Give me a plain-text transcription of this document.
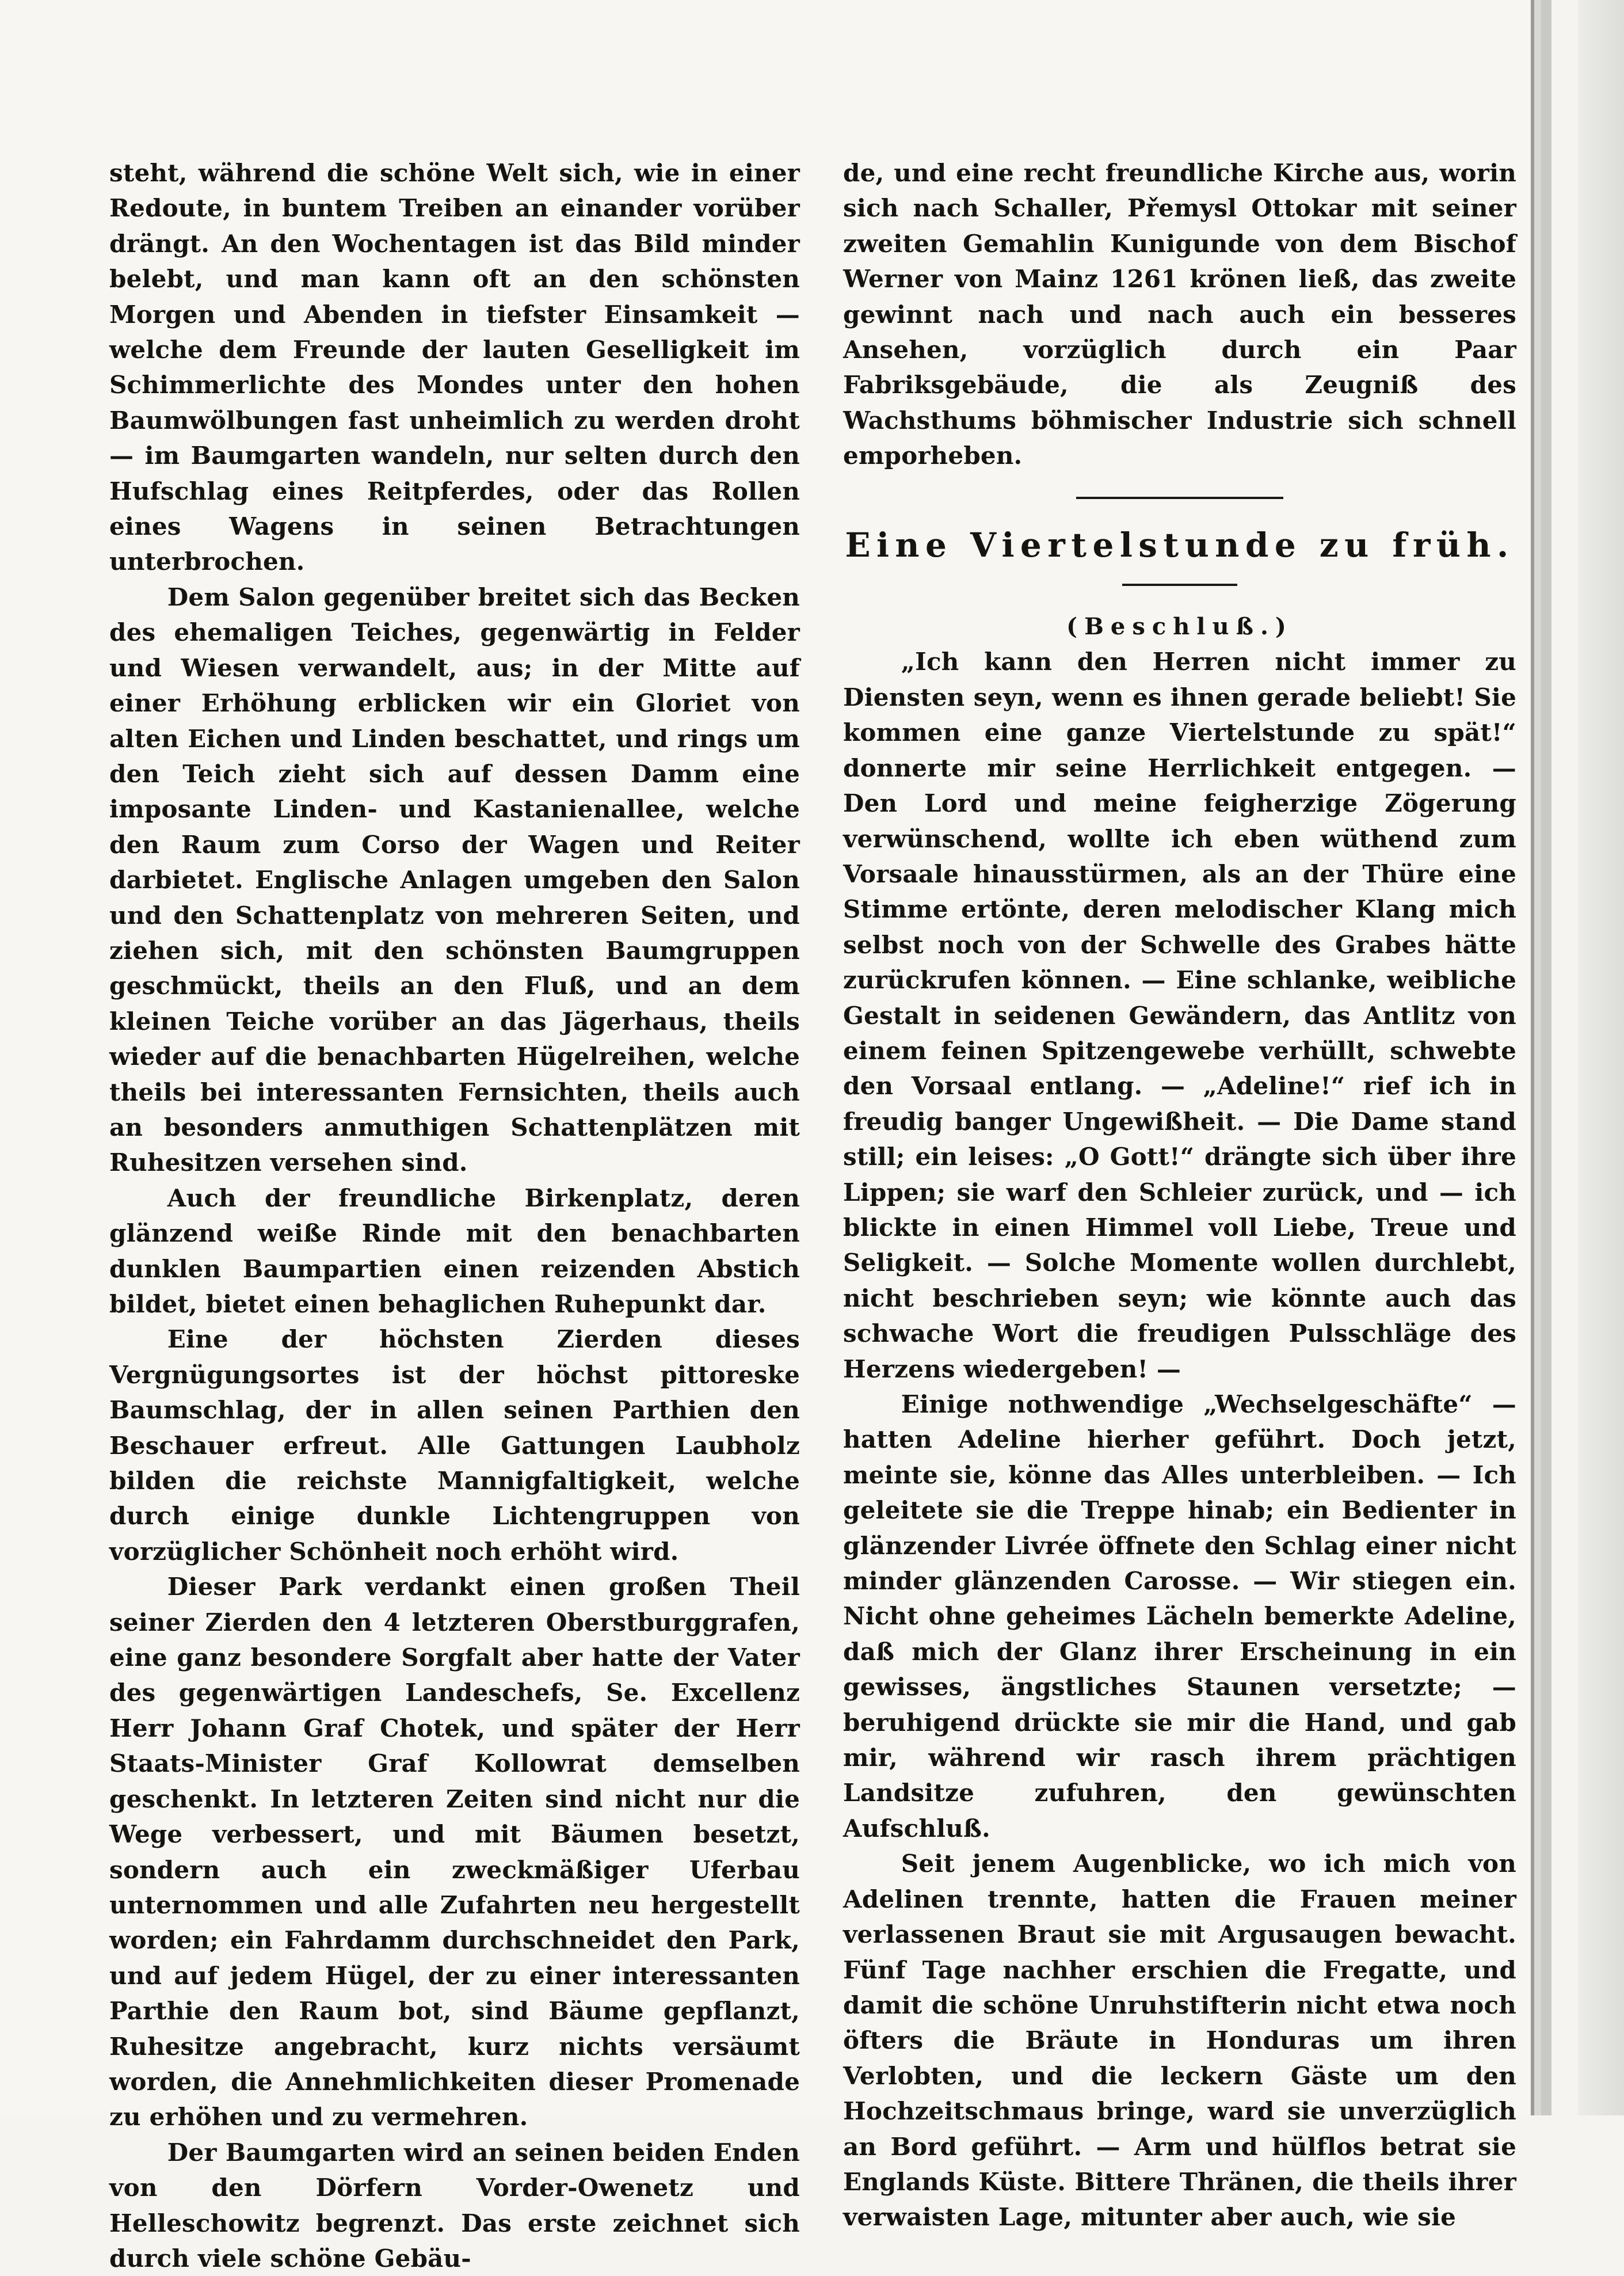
steht, während die schöne Welt sich, wie in einer Redoute, in buntem Treiben an einander vorüber drängt. An den Wochentagen ist das Bild minder belebt, und man kann oft an den schönsten Morgen und Abenden in tiefster Einsamkeit — welche dem Freunde der lauten Geselligkeit im Schimmerlichte des Mondes unter den hohen Baumwölbungen fast unheimlich zu werden droht — im Baumgarten wandeln, nur selten durch den Hufschlag eines Reitpferdes, oder das Rollen eines Wagens in seinen Betrachtungen unterbrochen.

Dem Salon gegenüber breitet sich das Becken des ehemaligen Teiches, gegenwärtig in Felder und Wiesen verwandelt, aus; in der Mitte auf einer Erhöhung erblicken wir ein Gloriet von alten Eichen und Linden beschattet, und rings um den Teich zieht sich auf dessen Damm eine imposante Linden- und Kastanienallee, welche den Raum zum Corso der Wagen und Reiter darbietet. Englische Anlagen umgeben den Salon und den Schattenplatz von mehreren Seiten, und ziehen sich, mit den schönsten Baumgruppen geschmückt, theils an den Fluß, und an dem kleinen Teiche vorüber an das Jägerhaus, theils wieder auf die benachbarten Hügelreihen, welche theils bei interessanten Fernsichten, theils auch an besonders anmuthigen Schattenplätzen mit Ruhesitzen versehen sind.

Auch der freundliche Birkenplatz, deren glänzend weiße Rinde mit den benachbarten dunklen Baumpartien einen reizenden Abstich bildet, bietet einen behaglichen Ruhepunkt dar.

Eine der höchsten Zierden dieses Vergnügungsortes ist der höchst pittoreske Baumschlag, der in allen seinen Parthien den Beschauer erfreut. Alle Gattungen Laubholz bilden die reichste Mannigfaltigkeit, welche durch einige dunkle Lichtengruppen von vorzüglicher Schönheit noch erhöht wird.

Dieser Park verdankt einen großen Theil seiner Zierden den 4 letzteren Oberstburggrafen, eine ganz besondere Sorgfalt aber hatte der Vater des gegenwärtigen Landeschefs, Se. Excellenz Herr Johann Graf Chotek, und später der Herr Staats-Minister Graf Kollowrat demselben geschenkt. In letzteren Zeiten sind nicht nur die Wege verbessert, und mit Bäumen besetzt, sondern auch ein zweckmäßiger Uferbau unternommen und alle Zufahrten neu hergestellt worden; ein Fahrdamm durchschneidet den Park, und auf jedem Hügel, der zu einer interessanten Parthie den Raum bot, sind Bäume gepflanzt, Ruhesitze angebracht, kurz nichts versäumt worden, die Annehmlichkeiten dieser Promenade zu erhöhen und zu vermehren.

Der Baumgarten wird an seinen beiden Enden von den Dörfern Vorder-Owenetz und Helleschowitz begrenzt. Das erste zeichnet sich durch viele schöne Gebäu-

de, und eine recht freundliche Kirche aus, worin sich nach Schaller, Přemysl Ottokar mit seiner zweiten Gemahlin Kunigunde von dem Bischof Werner von Mainz 1261 krönen ließ, das zweite gewinnt nach und nach auch ein besseres Ansehen, vorzüglich durch ein Paar Fabriksgebäude, die als Zeugniß des Wachsthums böhmischer Industrie sich schnell emporheben.

Eine Viertelstunde zu früh.

(Beschluß.)

„Ich kann den Herren nicht immer zu Diensten seyn, wenn es ihnen gerade beliebt! Sie kommen eine ganze Viertelstunde zu spät!“ donnerte mir seine Herrlichkeit entgegen. — Den Lord und meine feigherzige Zögerung verwünschend, wollte ich eben wüthend zum Vorsaale hinausstürmen, als an der Thüre eine Stimme ertönte, deren melodischer Klang mich selbst noch von der Schwelle des Grabes hätte zurückrufen können. — Eine schlanke, weibliche Gestalt in seidenen Gewändern, das Antlitz von einem feinen Spitzengewebe verhüllt, schwebte den Vorsaal entlang. — „Adeline!“ rief ich in freudig banger Ungewißheit. — Die Dame stand still; ein leises: „O Gott!“ drängte sich über ihre Lippen; sie warf den Schleier zurück, und — ich blickte in einen Himmel voll Liebe, Treue und Seligkeit. — Solche Momente wollen durchlebt, nicht beschrieben seyn; wie könnte auch das schwache Wort die freudigen Pulsschläge des Herzens wiedergeben! —

Einige nothwendige „Wechselgeschäfte“ — hatten Adeline hierher geführt. Doch jetzt, meinte sie, könne das Alles unterbleiben. — Ich geleitete sie die Treppe hinab; ein Bedienter in glänzender Livrée öffnete den Schlag einer nicht minder glänzenden Carosse. — Wir stiegen ein. Nicht ohne geheimes Lächeln bemerkte Adeline, daß mich der Glanz ihrer Erscheinung in ein gewisses, ängstliches Staunen versetzte; — beruhigend drückte sie mir die Hand, und gab mir, während wir rasch ihrem prächtigen Landsitze zufuhren, den gewünschten Aufschluß.

Seit jenem Augenblicke, wo ich mich von Adelinen trennte, hatten die Frauen meiner verlassenen Braut sie mit Argusaugen bewacht. Fünf Tage nachher erschien die Fregatte, und damit die schöne Unruhstifterin nicht etwa noch öfters die Bräute in Honduras um ihren Verlobten, und die leckern Gäste um den Hochzeitschmaus bringe, ward sie unverzüglich an Bord geführt. — Arm und hülflos betrat sie Englands Küste. Bittere Thränen, die theils ihrer verwaisten Lage, mitunter aber auch, wie sie
